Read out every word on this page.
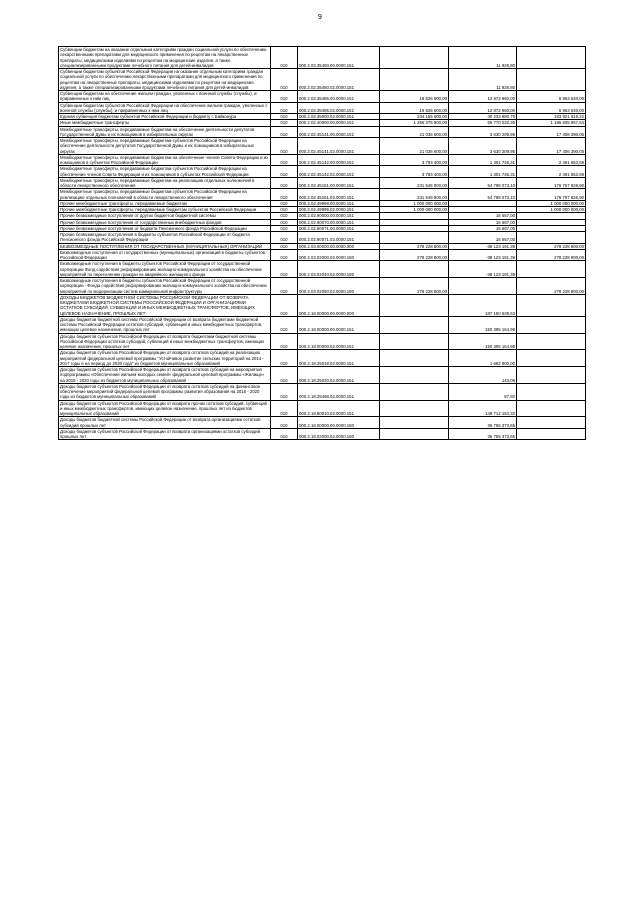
9
Субвенции бюджетам на оказание отдельным категориям граждан социальной услуги по обеспечению лекарственными препаратами для медицинского применения по рецептам на лекарственные препараты, медицинскими изделиями по рецептам на медицинские изделия, а также специализированными продуктами лечебного питания для детей-инвалидов	010	000.2.02.35460.00.0000.151		11 926,80	
Субвенции бюджетам субъектов Российской Федерации на оказание отдельным категориям граждан социальной услуги по обеспечению лекарственными препаратами для медицинского применения по рецептам на лекарственные препараты, медицинскими изделиями по рецептам на медицинские изделия, а также специализированными продуктами лечебного питания для детей-инвалидов	010	000.2.02.35460.02.0000.151		11 926,80	
Субвенции бюджетам на обеспечение жильем граждан, уволенных с военной службы (службы), и приравненных к ним лиц	010	000.2.02.35485.00.0000.151	19 826 600,00	12 872 960,00	6 953 640,00
Субвенции бюджетам субъектов Российской Федерации на обеспечение жильем граждан, уволенных с военной службы (службы), и приравненных к ним лиц	010	000.2.02.35485.02.0000.151	19 826 600,00	12 872 960,00	6 953 640,00
Единая субвенция бюджетам субъектов Российской Федерации и бюджету г. Байконура	010	000.2.02.35900.02.0000.151	234 155 600,00	40 233 980,78	193 921 619,22
Иные межбюджетные трансферты	010	000.2.02.40000.00.0000.151	1 256 375 900,00	59 770 032,36	1 196 605 867,64
Межбюджетные трансферты, передаваемые бюджетам на обеспечение деятельности депутатов Государственной Думы и их помощников в избирательных округах	010	000.2.02.45141.00.0000.151	21 036 600,00	3 630 209,95	17 406 390,05
Межбюджетные трансферты, передаваемые бюджетам субъектов Российской Федерации на обеспечение деятельности депутатов Государственной Думы и их помощников в избирательных округах	010	000.2.02.45141.02.0000.151	21 036 600,00	3 630 209,95	17 406 390,05
Межбюджетные трансферты, передаваемые бюджетам на обеспечение членов Совета Федерации и их помощников в субъектах Российской Федерации	010	000.2.02.45142.00.0000.151	3 793 400,00	1 301 746,31	2 491 653,69
Межбюджетные трансферты, передаваемые бюджетам субъектов Российской Федерации на обеспечение членов Совета Федерации и их помощников в субъектах Российской Федерации	010	000.2.02.45142.02.0000.151	3 793 400,00	1 301 746,31	2 491 653,69
Межбюджетные трансферты, передаваемые бюджетам на реализацию отдельных полномочий в области лекарственного обеспечения	010	000.2.02.45161.00.0000.151	231 545 900,00	54 788 073,10	176 757 826,90
Межбюджетные трансферты, передаваемые бюджетам субъектов Российской Федерации на реализацию отдельных полномочий в области лекарственного обеспечения	010	000.2.02.45161.02.0000.151	231 545 900,00	54 788 073,10	176 757 826,90
Прочие межбюджетные трансферты, передаваемые бюджетам	010	000.2.02.49999.00.0000.151	1 000 000 000,00		1 000 000 000,00
Прочие межбюджетные трансферты, передаваемые бюджетам субъектов Российской Федерации	010	000.2.02.49999.02.0000.151	1 000 000 000,00		1 000 000 000,00
Прочие безвозмездные поступления от других бюджетов бюджетной системы	010	000.2.02.90000.00.0000.151		16 667,00	
Прочие безвозмездные поступления от государственных внебюджетных фондов	010	000.2.02.90070.00.0000.151		16 667,00	
Прочие безвозмездные поступления от бюджета Пенсионного фонда Российской Федерации	010	000.2.02.90071.00.0000.151		16 667,00	
Прочие безвозмездные поступления в бюджеты субъектов Российской Федерации от бюджета Пенсионного фонда Российской Федерации	010	000.2.02.90071.02.0000.151		16 667,00	
БЕЗВОЗМЕЗДНЫЕ ПОСТУПЛЕНИЯ ОТ ГОСУДАРСТВЕННЫХ (МУНИЦИПАЛЬНЫХ) ОРГАНИЗАЦИЙ	010	000.2.03.00000.00.0000.000	278 228 800,00	-38 123 191,39	278 228 800,00
Безвозмездные поступления от государственных (муниципальных) организаций в бюджеты субъектов Российской Федерации	010	000.2.03.02000.02.0000.180	278 228 800,00	-38 123 191,39	278 228 800,00
Безвозмездные поступления в бюджеты субъектов Российской Федерации от государственной корпорации Фонд содействия реформированию жилищно-коммунального хозяйства на обеспечение мероприятий по переселению граждан из аварийного жилищного фонда	010	000.2.03.02040.02.0000.180		-38 123 191,39	
Безвозмездные поступления в бюджеты субъектов Российской Федерации от государственной корпорации - Фонда содействия реформированию жилищно-коммунального хозяйства на обеспечение мероприятий по модернизации систем коммунальной инфраструктуры	010	000.2.03.02060.02.0000.180	278 228 800,00		278 228 800,00
ДОХОДЫ БЮДЖЕТОВ БЮДЖЕТНОЙ СИСТЕМЫ РОССИЙСКОЙ ФЕДЕРАЦИИ ОТ ВОЗВРАТА БЮДЖЕТАМИ БЮДЖЕТНОЙ СИСТЕМЫ РОССИЙСКОЙ ФЕДЕРАЦИИ И ОРГАНИЗАЦИЯМИ ОСТАТКОВ СУБСИДИЙ, СУБВЕНЦИЙ И ИНЫХ МЕЖБЮДЖЕТНЫХ ТРАНСФЕРТОВ, ИМЕЮЩИХ ЦЕЛЕВОЕ НАЗНАЧЕНИЕ, ПРОШЛЫХ ЛЕТ	010	000.2.18.00000.00.0000.000		187 150 538,63	
Доходы бюджетов бюджетной системы Российской Федерации от возврата бюджетами бюджетной системы Российской Федерации остатков субсидий, субвенций и иных межбюджетных трансфертов, имеющих целевое назначение, прошлых лет	010	000.2.18.00000.00.0000.151		150 395 164,98	
Доходы бюджетов субъектов Российской Федерации от возврата бюджетами бюджетной системы Российской Федерации остатков субсидий, субвенций и иных межбюджетных трансфертов, имеющих целевое назначение, прошлых лет	010	000.2.18.00000.02.0000.151		150 395 164,98	
Доходы бюджетов субъектов Российской Федерации от возврата остатков субсидий на реализацию мероприятий федеральной целевой программы "Устойчивое развитие сельских территорий на 2014 - 2017 годы и на период до 2020 года" из бюджетов муниципальных образований	010	000.2.18.25018.02.0000.151		1 662 800,00	
Доходы бюджетов субъектов Российской Федерации от возврата остатков субсидий на мероприятия подпрограммы «Обеспечение жильем молодых семей» федеральной целевой программы «Жилище» на 2015 - 2020 годы из бюджетов муниципальных образований	010	000.2.18.25020.02.0000.151		143,06	
Доходы бюджетов субъектов Российской Федерации от возврата остатков субсидий на финансовое обеспечение мероприятий федеральной целевой программы развития образования на 2016 - 2020 годы из бюджетов муниципальных образований	010	000.2.18.25498.02.0000.151		87,60	
Доходы бюджетов субъектов Российской Федерации от возврата прочих остатков субсидий, субвенций и иных межбюджетных трансфертов, имеющих целевое назначение, прошлых лет из бюджетов муниципальных образований	010	000.2.18.60010.02.0000.151		148 712 154,32	
Доходы бюджетов бюджетной системы Российской Федерации от возврата организациями остатков субсидий прошлых лет	010	000.2.18.00000.00.0000.180		36 755 373,65	
Доходы бюджетов субъектов Российской Федерации от возврата организациями остатков субсидий прошлых лет	010	000.2.18.02000.02.0000.180		36 755 373,65	
